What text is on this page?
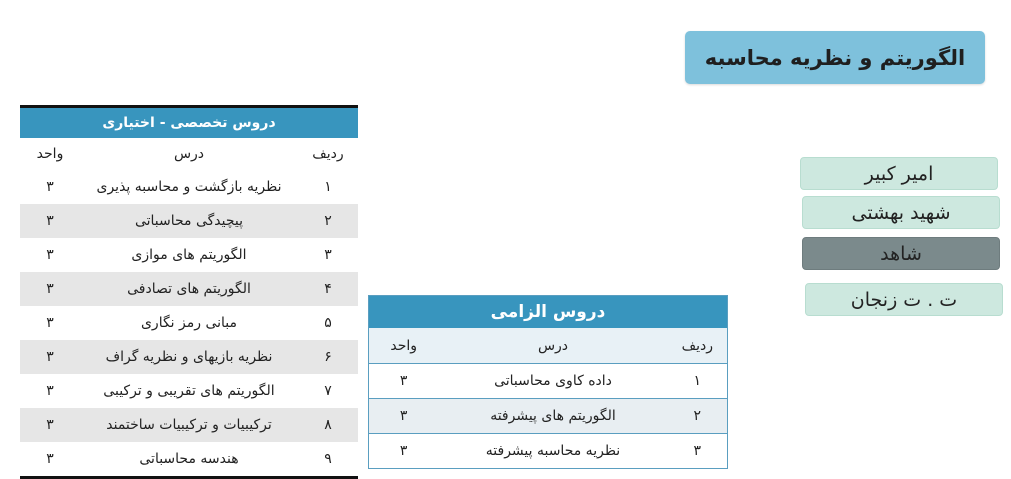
الگوریتم و نظریه محاسبه
امیر کبیر
شهید بهشتی
شاهد
ت . ت زنجان

دروس تخصصی - اختیاری		
ردیف	درس	واحد
۱	نظریه بازگشت و محاسبه پذیری	۳
۲	پیچیدگی محاسباتی	۳
۳	الگوریتم های موازی	۳
۴	الگوریتم های تصادفی	۳
۵	مبانی رمز نگاری	۳
۶	نظریه بازیهای و نظریه گراف	۳
۷	الگوریتم های تقریبی و ترکیبی	۳
۸	ترکیبیات و ترکیبیات ساختمند	۳
۹	هندسه محاسباتی	۳
دروس الزامی		
ردیف	درس	واحد
۱	داده کاوی محاسباتی	۳
۲	الگوریتم های پیشرفته	۳
۳	نظریه محاسبه پیشرفته	۳
